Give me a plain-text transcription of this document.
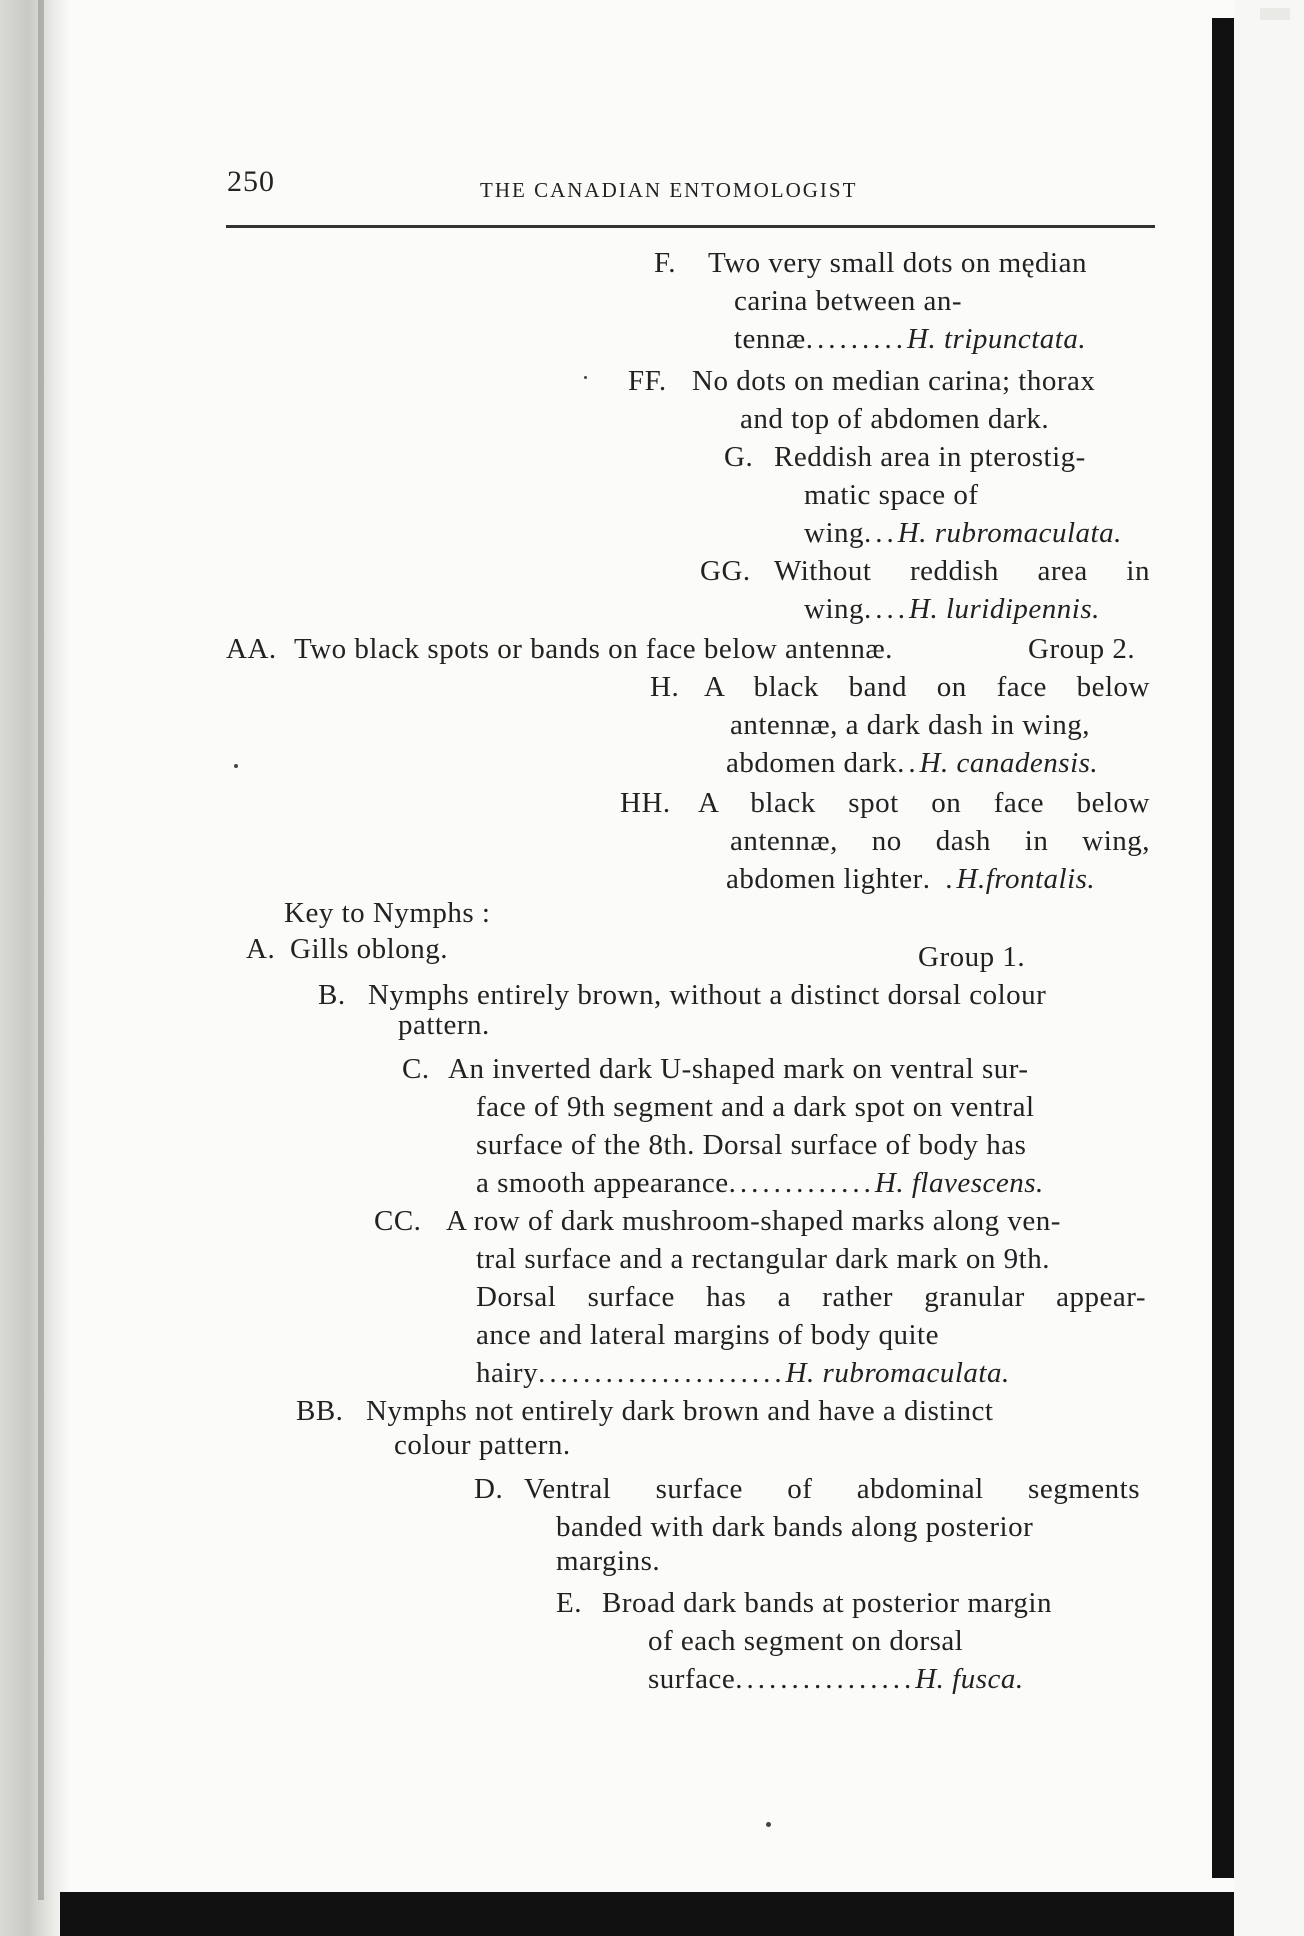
250	THE CANADIAN ENTOMOLOGIST
F. Two very small dots on mędian
carina between an-
tennæ.........H. tripunctata.
FF. No dots on median carina; thorax
and top of abdomen dark.
G. Reddish area in pterostig-
matic space of
wing...H. rubromaculata.
GG. Without reddish area in
wing....H. luridipennis.
AA. Two black spots or bands on face below antennæ.	Group 2.
H. A black band on face below
antennæ, a dark dash in wing,
abdomen dark..H. canadensis.
HH. A black spot on face below
antennæ, no dash in wing,
abdomen lighter. .H.frontalis.
Key to Nymphs :
A. Gills oblong.	Group 1.
B. Nymphs entirely brown, without a distinct dorsal colour
pattern.
C. An inverted dark U-shaped mark on ventral sur-
face of 9th segment and a dark spot on ventral
surface of the 8th. Dorsal surface of body has
a smooth appearance.............H. flavescens.
CC. A row of dark mushroom-shaped marks along ven-
tral surface and a rectangular dark mark on 9th.
Dorsal surface has a rather granular appear-
ance and lateral margins of body quite
hairy......................H. rubromaculata.
BB. Nymphs not entirely dark brown and have a distinct
colour pattern.
D. Ventral surface of abdominal segments
banded with dark bands along posterior
margins.
E. Broad dark bands at posterior margin
of each segment on dorsal
surface................H. fusca.
